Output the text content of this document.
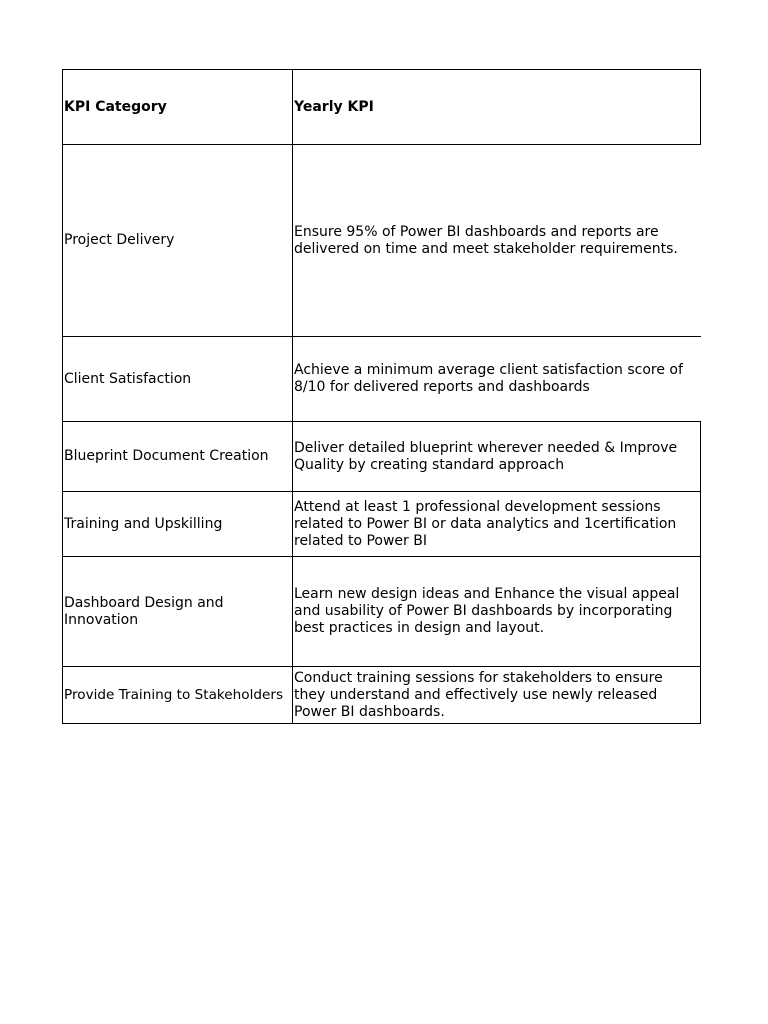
KPI Category	Yearly KPI
Project Delivery	Ensure 95% of Power BI dashboards and reports are delivered on time and meet stakeholder requirements.
Client Satisfaction	Achieve a minimum average client satisfaction score of 8/10 for delivered reports and dashboards
Blueprint Document Creation	Deliver detailed blueprint wherever needed & Improve Quality by creating standard approach
Training and Upskilling	Attend at least 1 professional development sessions related to Power BI or data analytics and 1certification related to Power BI
Dashboard Design and Innovation	Learn new design ideas and Enhance the visual appeal and usability of Power BI dashboards by incorporating best practices in design and layout.
Provide Training to Stakeholders	Conduct training sessions for stakeholders to ensure they understand and effectively use newly released Power BI dashboards.
